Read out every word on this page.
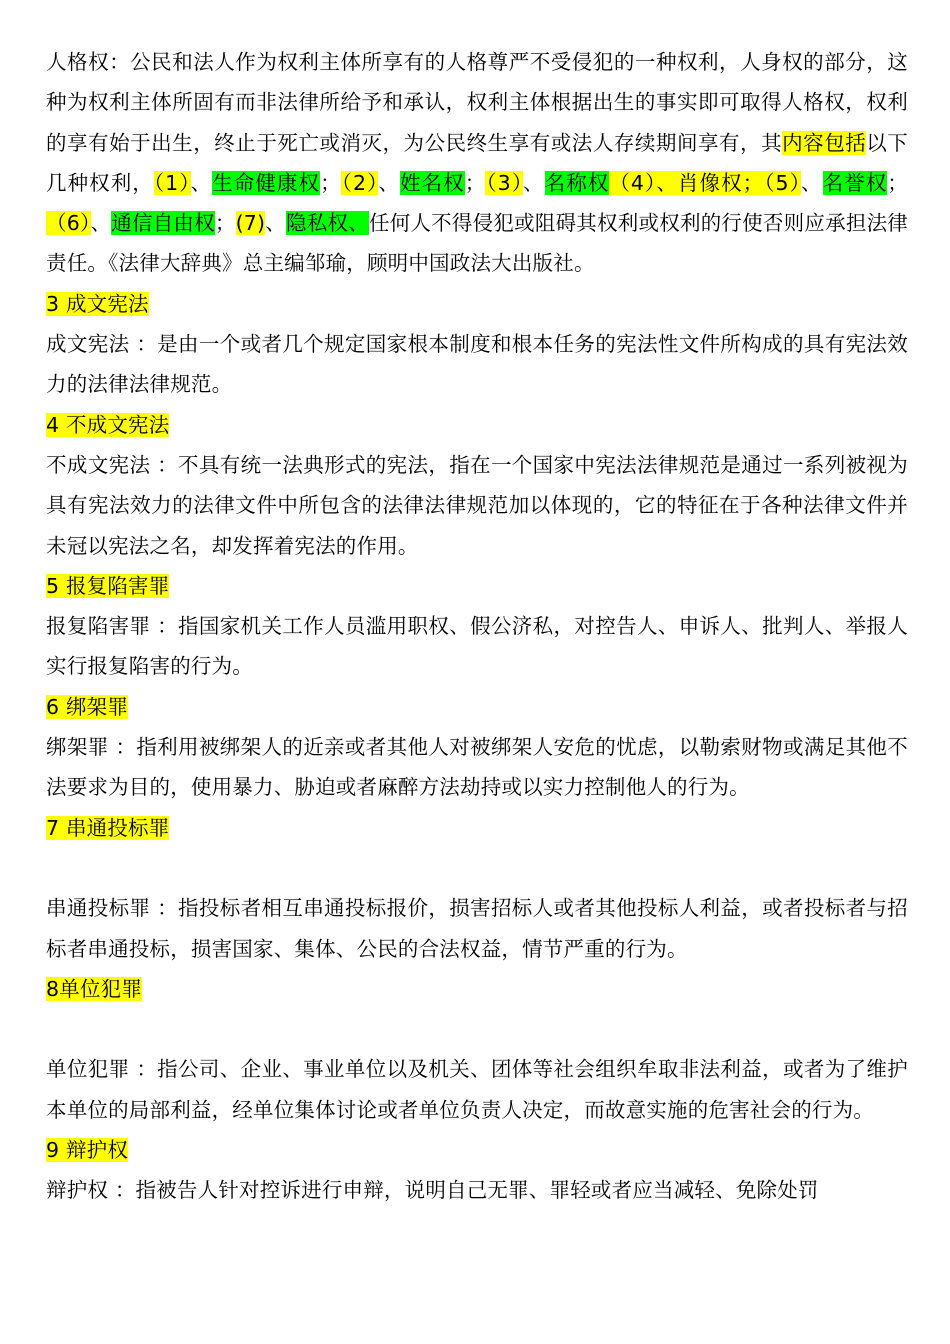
人格权：公民和法人作为权利主体所享有的人格尊严不受侵犯的一种权利，人身权的部分，这种为权利主体所固有而非法律所给予和承认，权利主体根据出生的事实即可取得人格权，权利的享有始于出生，终止于死亡或消灭，为公民终生享有或法人存续期间享有，其内容包括以下几种权利，（1）、生命健康权；（2）、姓名权；（3）、名称权（4）、肖像权；（5）、名誉权；（6）、通信自由权；(7)、隐私权、任何人不得侵犯或阻碍其权利或权利的行使否则应承担法律责任。《法律大辞典》总主编邹瑜，顾明中国政法大出版社。

3 成文宪法

成文宪法 ：是由一个或者几个规定国家根本制度和根本任务的宪法性文件所构成的具有宪法效力的法律法律规范。

4 不成文宪法

不成文宪法 ：不具有统一法典形式的宪法，指在一个国家中宪法法律规范是通过一系列被视为具有宪法效力的法律文件中所包含的法律法律规范加以体现的，它的特征在于各种法律文件并未冠以宪法之名，却发挥着宪法的作用。

5 报复陷害罪

报复陷害罪 ：指国家机关工作人员滥用职权、假公济私，对控告人、申诉人、批判人、举报人实行报复陷害的行为。

6 绑架罪

绑架罪 ：指利用被绑架人的近亲或者其他人对被绑架人安危的忧虑，以勒索财物或满足其他不法要求为目的，使用暴力、胁迫或者麻醉方法劫持或以实力控制他人的行为。

7 串通投标罪

串通投标罪 ：指投标者相互串通投标报价，损害招标人或者其他投标人利益，或者投标者与招标者串通投标，损害国家、集体、公民的合法权益，情节严重的行为。

8单位犯罪

单位犯罪 ：指公司、企业、事业单位以及机关、团体等社会组织牟取非法利益，或者为了维护本单位的局部利益，经单位集体讨论或者单位负责人决定，而故意实施的危害社会的行为。

9 辩护权

辩护权 ：指被告人针对控诉进行申辩，说明自己无罪、罪轻或者应当减轻、免除处罚
